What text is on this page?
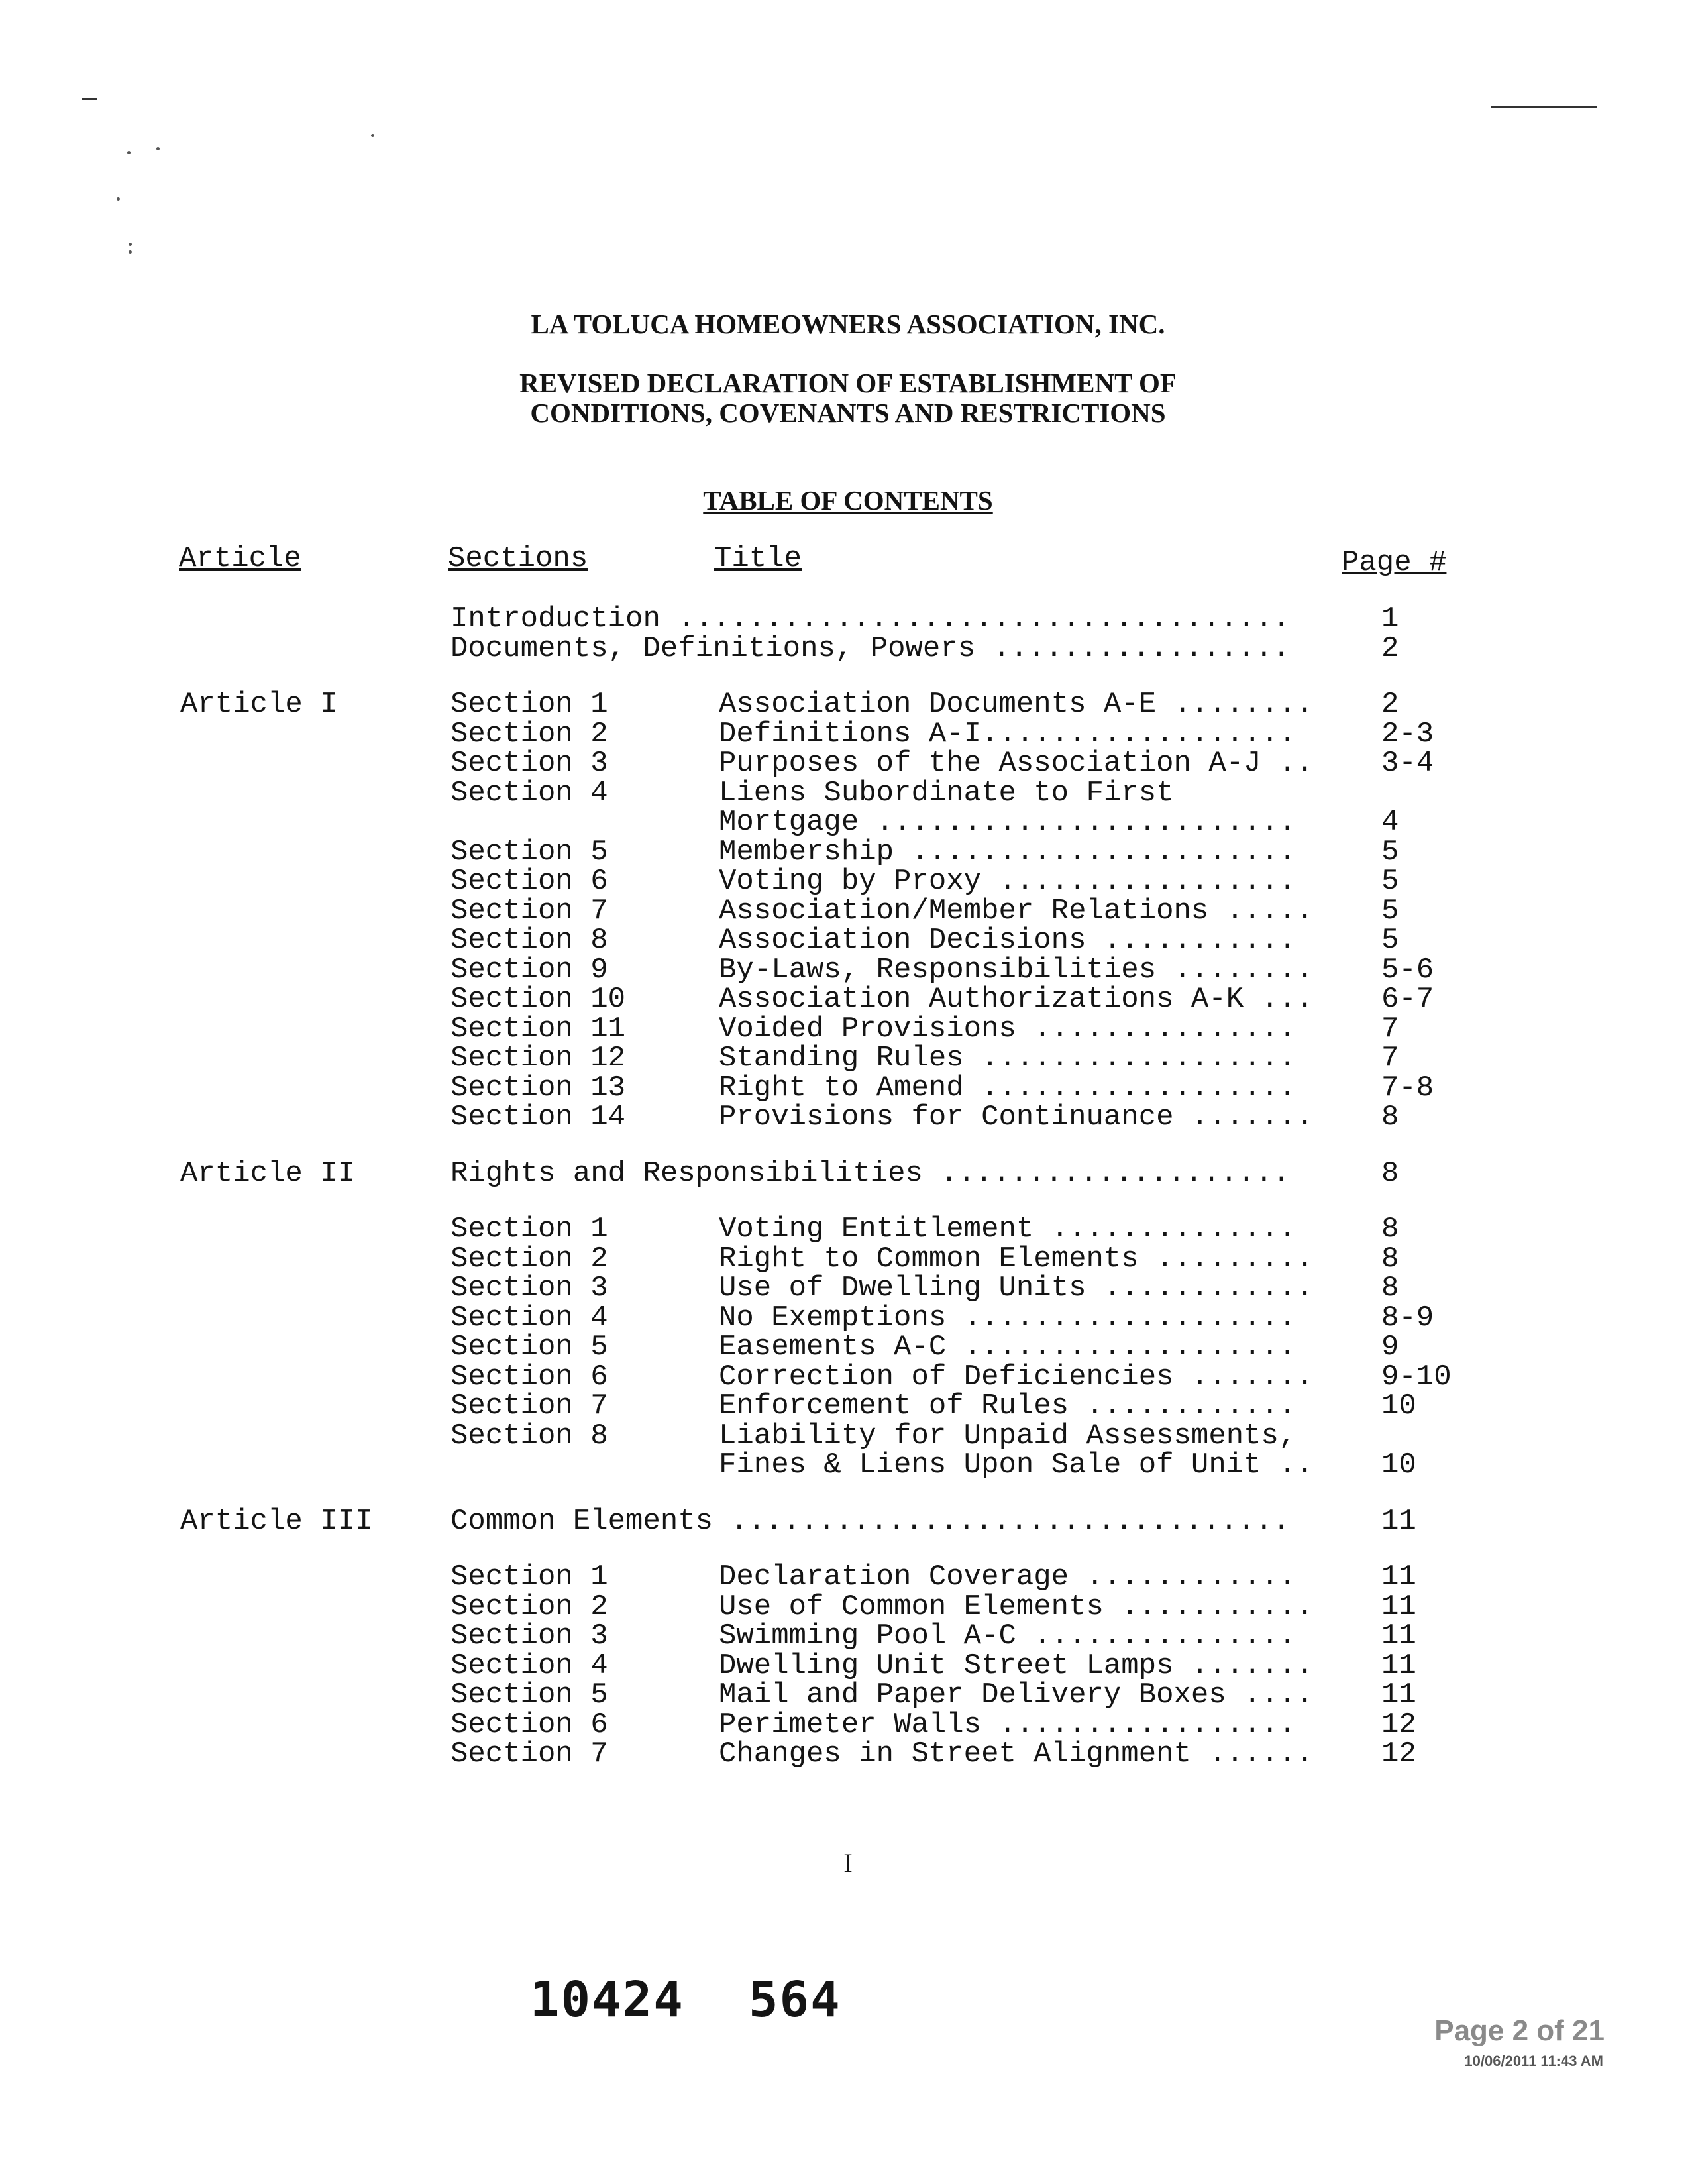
LA TOLUCA HOMEOWNERS ASSOCIATION, INC.
REVISED DECLARATION OF ESTABLISHMENT OF
CONDITIONS, COVENANTS AND RESTRICTIONS
TABLE OF CONTENTS
Article	Sections	Title	Page #
Introduction ...................................	1
Documents, Definitions, Powers .................	2
Article I	Section 1	Association Documents A-E ........ 2
Section 2	Definitions A-I..................	2-3
Section 3	Purposes of the Association A-J .. 3-4
Section 4	Liens Subordinate to First
Mortgage ........................	4
Section 5	Membership ......................	5
Section 6	Voting by Proxy .................	5
Section 7	Association/Member Relations ..... 5
Section 8	Association Decisions ...........	5
Section 9	By-Laws, Responsibilities ........ 5-6
Section 10	Association Authorizations A-K ... 6-7
Section 11	Voided Provisions ...............	7
Section 12	Standing Rules ..................	7
Section 13	Right to Amend ..................	7-8
Section 14	Provisions for Continuance ....... 8
Article II	Rights and Responsibilities ....................	8
Section 1	Voting Entitlement ..............	8
Section 2	Right to Common Elements ......... 8
Section 3	Use of Dwelling Units ............ 8
Section 4	No Exemptions ...................	8-9
Section 5	Easements A-C ...................	9
Section 6	Correction of Deficiencies ....... 9-10
Section 7	Enforcement of Rules ............	10
Section 8	Liability for Unpaid Assessments,
Fines & Liens Upon Sale of Unit .. 10
Article III	Common Elements ................................	11
Section 1	Declaration Coverage ............	11
Section 2	Use of Common Elements ........... 11
Section 3	Swimming Pool A-C ...............	11
Section 4	Dwelling Unit Street Lamps ....... 11
Section 5	Mail and Paper Delivery Boxes .... 11
Section 6	Perimeter Walls .................	12
Section 7	Changes in Street Alignment ...... 12
I
10424 564
Page 2 of 21
10/06/2011 11:43 AM
